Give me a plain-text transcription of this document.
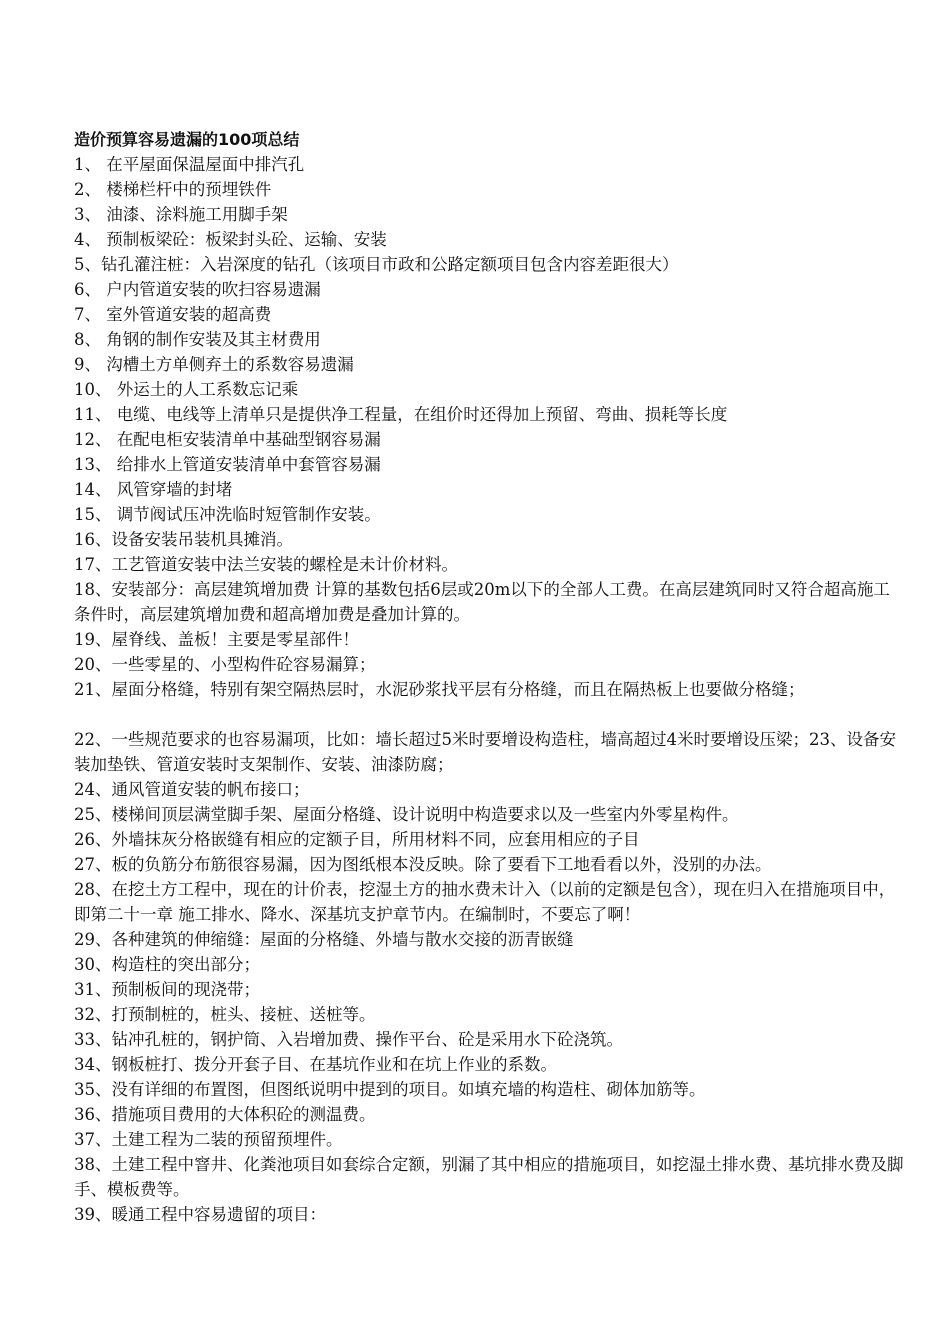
造价预算容易遗漏的100项总结

1、 在平屋面保温屋面中排汽孔

2、 楼梯栏杆中的预埋铁件

3、 油漆、涂料施工用脚手架

4、 预制板梁砼：板梁封头砼、运输、安装

5、钻孔灌注桩：入岩深度的钻孔（该项目市政和公路定额项目包含内容差距很大）

6、 户内管道安装的吹扫容易遗漏

7、 室外管道安装的超高费

8、 角钢的制作安装及其主材费用

9、 沟槽土方单侧弃土的系数容易遗漏

10、 外运土的人工系数忘记乘

11、 电缆、电线等上清单只是提供净工程量，在组价时还得加上预留、弯曲、损耗等长度

12、 在配电柜安装清单中基础型钢容易漏

13、 给排水上管道安装清单中套管容易漏

14、 风管穿墙的封堵

15、 调节阀试压冲洗临时短管制作安装。

16、设备安装吊装机具摊消。

17、工艺管道安装中法兰安装的螺栓是未计价材料。

18、安装部分：高层建筑增加费 计算的基数包括6层或20m以下的全部人工费。在高层建筑同时又符合超高施工条件时，高层建筑增加费和超高增加费是叠加计算的。

19、屋脊线、盖板！主要是零星部件！

20、一些零星的、小型构件砼容易漏算；

21、屋面分格缝，特别有架空隔热层时，水泥砂浆找平层有分格缝，而且在隔热板上也要做分格缝；

22、一些规范要求的也容易漏项，比如：墙长超过5米时要增设构造柱，墙高超过4米时要增设压梁；23、设备安装加垫铁、管道安装时支架制作、安装、油漆防腐；

24、通风管道安装的帆布接口；

25、楼梯间顶层满堂脚手架、屋面分格缝、设计说明中构造要求以及一些室内外零星构件。

26、外墙抹灰分格嵌缝有相应的定额子目，所用材料不同，应套用相应的子目

27、板的负筋分布筋很容易漏，因为图纸根本没反映。除了要看下工地看看以外，没别的办法。

28、在挖土方工程中，现在的计价表，挖湿土方的抽水费未计入（以前的定额是包含），现在归入在措施项目中，即第二十一章 施工排水、降水、深基坑支护章节内。在编制时，不要忘了啊！

29、各种建筑的伸缩缝：屋面的分格缝、外墙与散水交接的沥青嵌缝

30、构造柱的突出部分；

31、预制板间的现浇带；

32、打预制桩的，桩头、接桩、送桩等。

33、钻冲孔桩的，钢护筒、入岩增加费、操作平台、砼是采用水下砼浇筑。

34、钢板桩打、拨分开套子目、在基坑作业和在坑上作业的系数。

35、没有详细的布置图，但图纸说明中提到的项目。如填充墙的构造柱、砌体加筋等。

36、措施项目费用的大体积砼的测温费。

37、土建工程为二装的预留预埋件。

38、土建工程中窨井、化粪池项目如套综合定额，别漏了其中相应的措施项目，如挖湿土排水费、基坑排水费及脚手、模板费等。

39、暖通工程中容易遗留的项目：
